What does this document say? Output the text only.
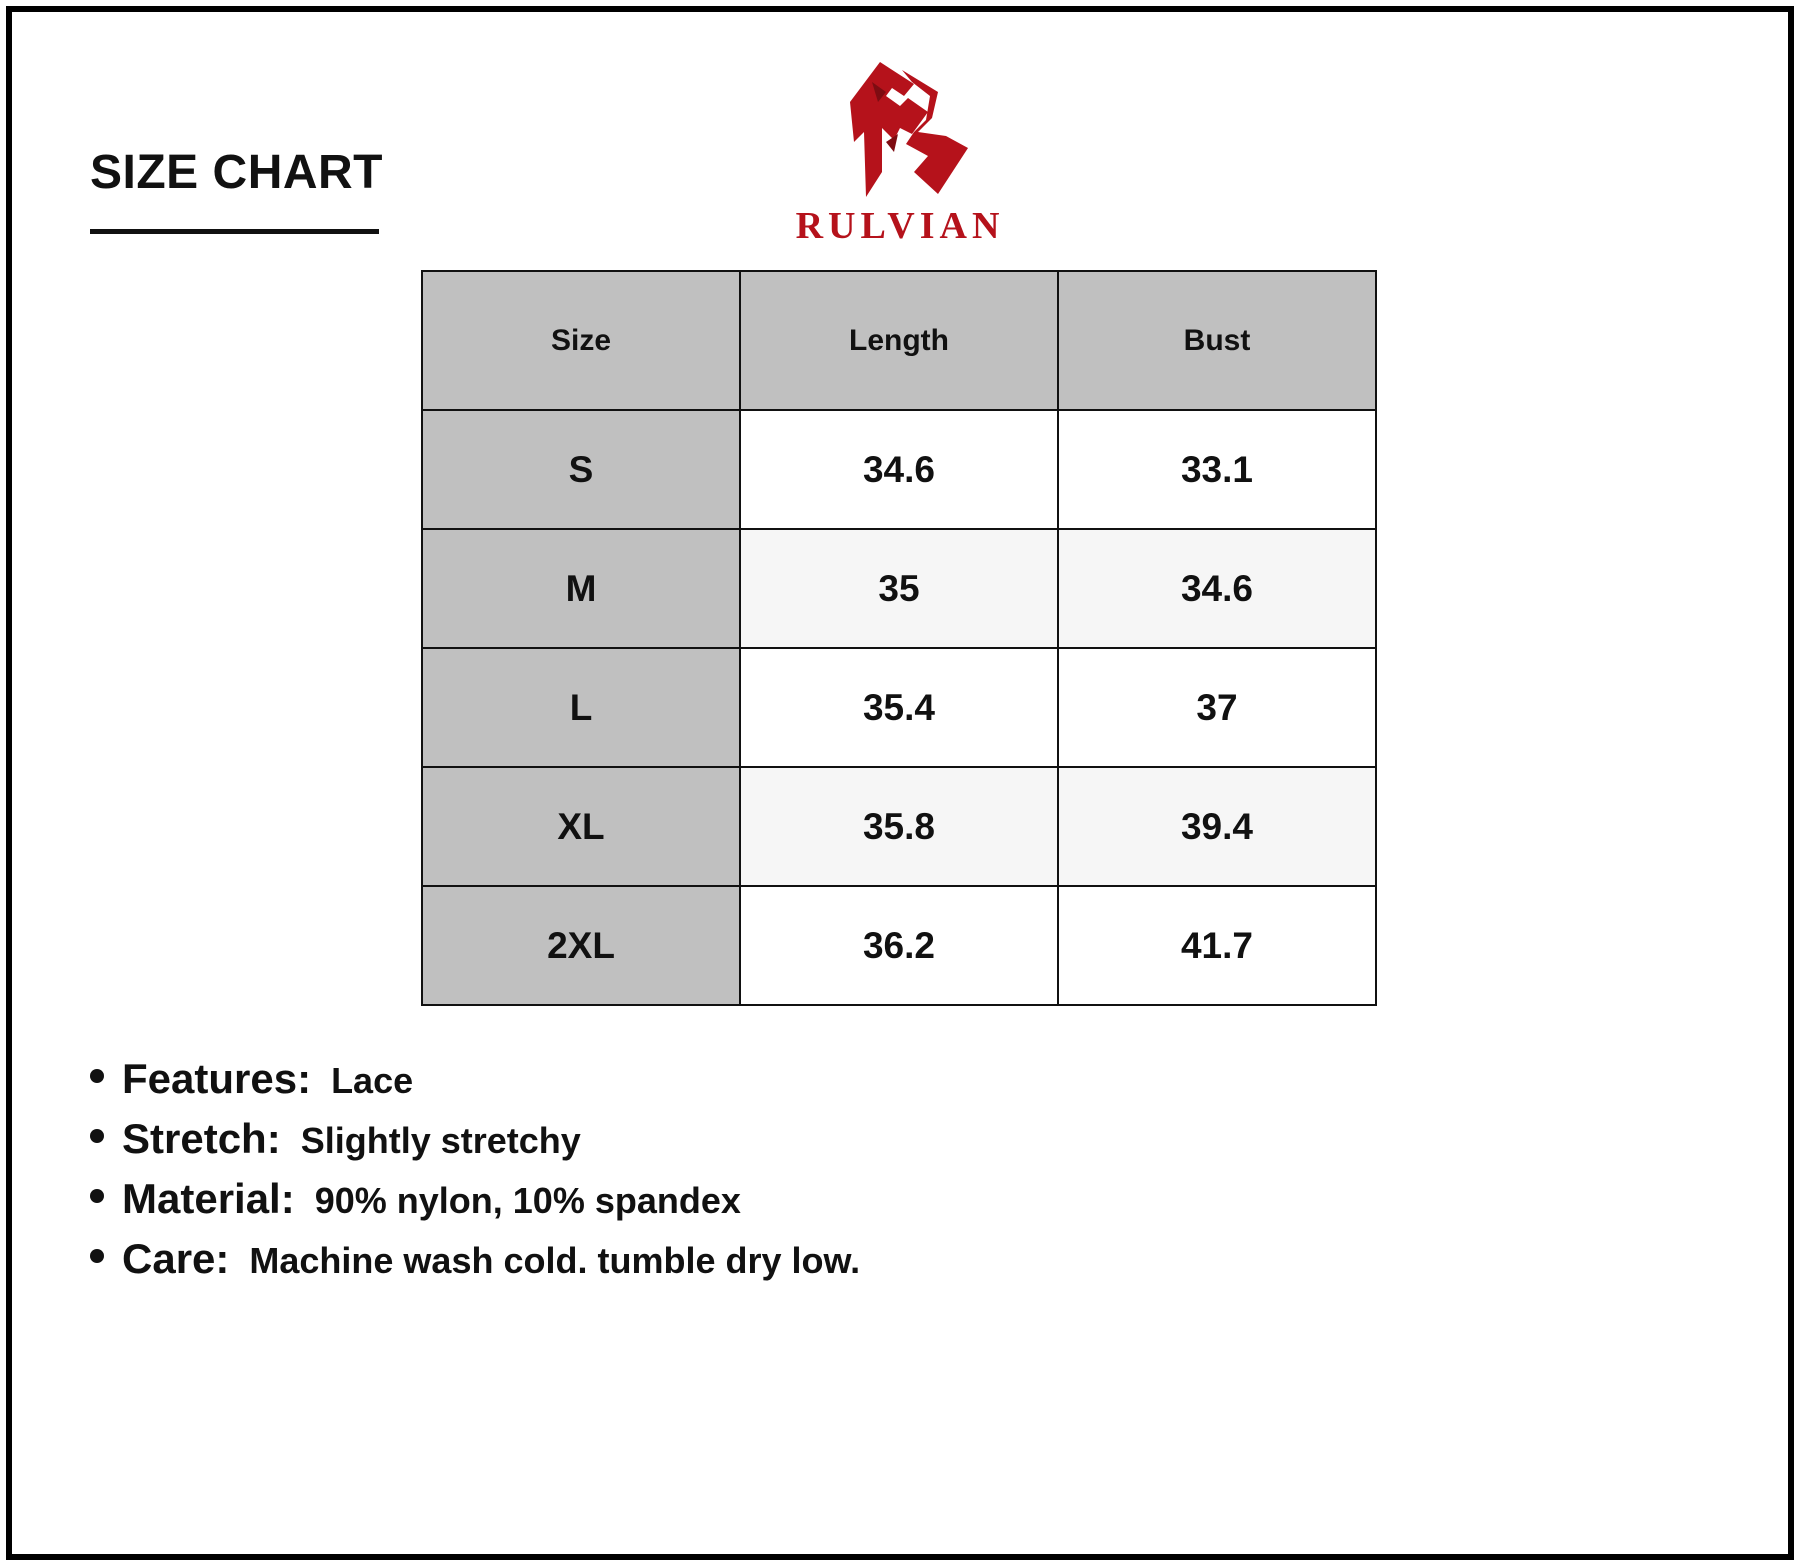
SIZE CHART
RULVIAN
Size	Length	Bust
S	34.6	33.1
M	35	34.6
L	35.4	37
XL	35.8	39.4
2XL	36.2	41.7
Features: Lace
Stretch: Slightly stretchy
Material: 90% nylon, 10% spandex
Care: Machine wash cold. tumble dry low.
